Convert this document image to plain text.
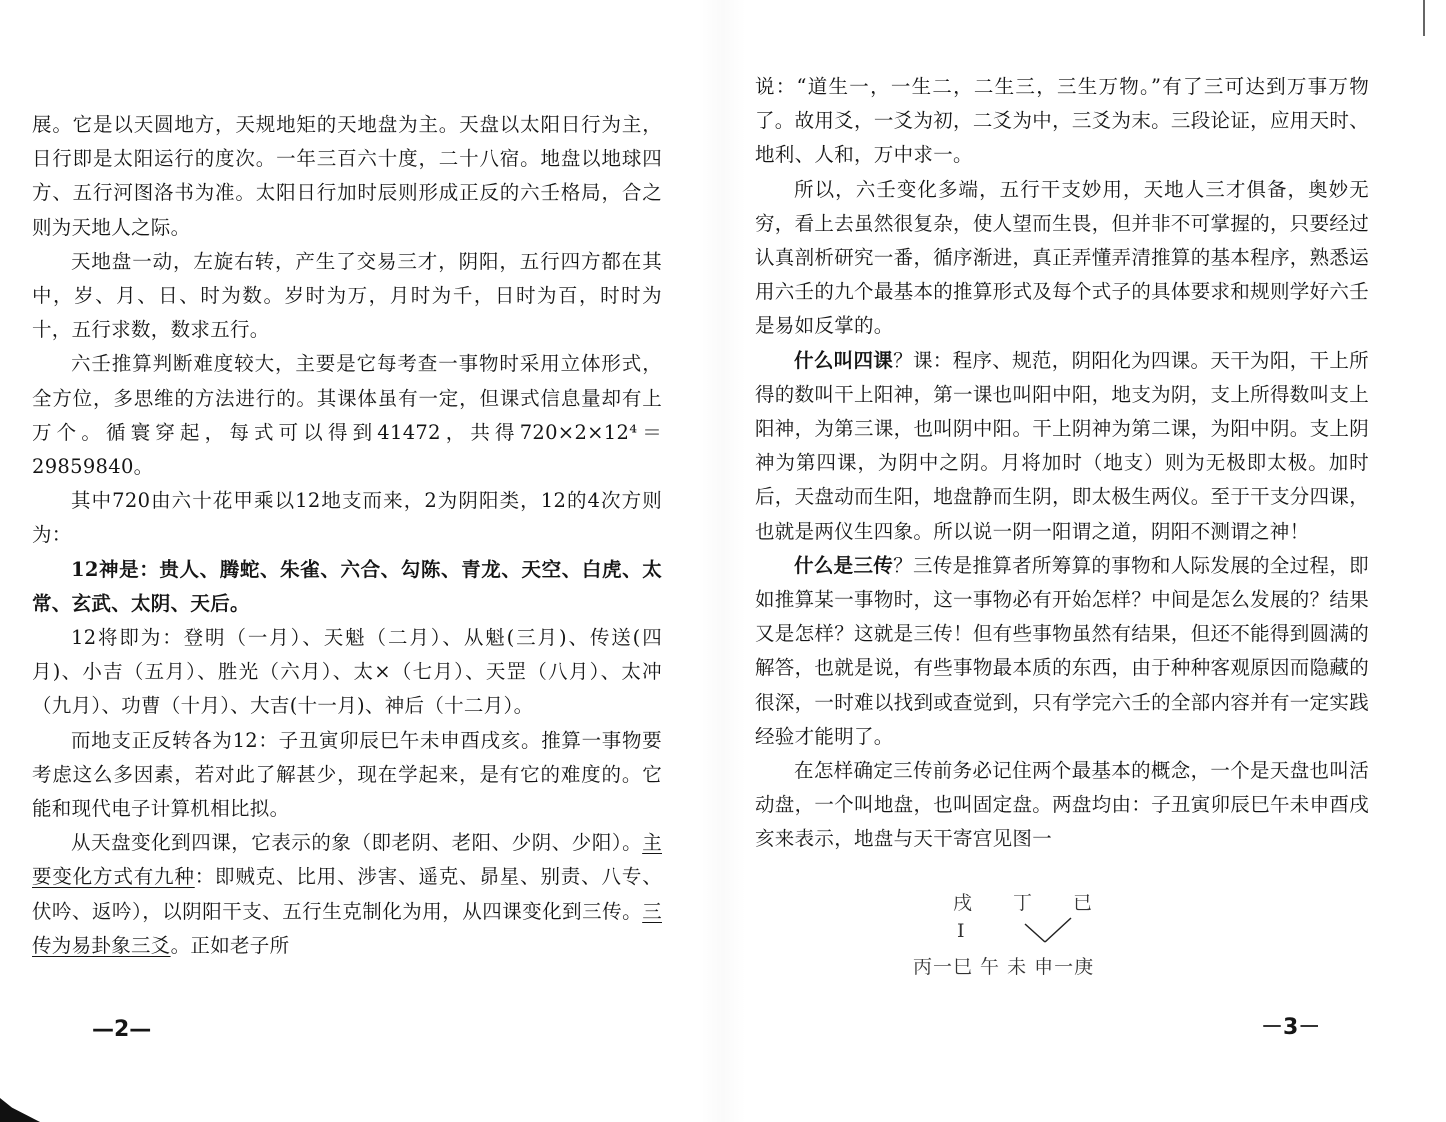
展。它是以天圆地方，天规地矩的天地盘为主。天盘以太阳日行为主，日行即是太阳运行的度次。一年三百六十度，二十八宿。地盘以地球四方、五行河图洛书为准。太阳日行加时辰则形成正反的六壬格局，合之则为天地人之际。

天地盘一动，左旋右转，产生了交易三才，阴阳，五行四方都在其中，岁、月、日、时为数。岁时为万，月时为千，日时为百，时时为十，五行求数，数求五行。

六壬推算判断难度较大，主要是它每考查一事物时采用立体形式，全方位，多思维的方法进行的。其课体虽有一定，但课式信息量却有上万个。循寰穿起，每式可以得到41472，共得720×2×12⁴＝29859840。

其中720由六十花甲乘以12地支而来，2为阴阳类，12的4次方则为：

12神是：贵人、腾蛇、朱雀、六合、勾陈、青龙、天空、白虎、太常、玄武、太阴、天后。

12将即为：登明（一月）、天魁（二月）、从魁(三月)、传送(四月)、小吉（五月）、胜光（六月）、太×（七月）、天罡（八月）、太冲（九月）、功曹（十月）、大吉(十一月)、神后（十二月）。

而地支正反转各为12：子丑寅卯辰巳午未申酉戌亥。推算一事物要考虑这么多因素，若对此了解甚少，现在学起来，是有它的难度的。它能和现代电子计算机相比拟。

从天盘变化到四课，它表示的象（即老阴、老阳、少阴、少阳）。主要变化方式有九种：即贼克、比用、涉害、遥克、昴星、别责、八专、伏吟、返吟），以阴阳干支、五行生克制化为用，从四课变化到三传。三传为易卦象三爻。正如老子所

—2—

说：“道生一，一生二，二生三，三生万物。”有了三可达到万事万物了。故用爻，一爻为初，二爻为中，三爻为末。三段论证，应用天时、地利、人和，万中求一。

所以，六壬变化多端，五行干支妙用，天地人三才俱备，奥妙无穷，看上去虽然很复杂，使人望而生畏，但并非不可掌握的，只要经过认真剖析研究一番，循序渐进，真正弄懂弄清推算的基本程序，熟悉运用六壬的九个最基本的推算形式及每个式子的具体要求和规则学好六壬是易如反掌的。

什么叫四课？课：程序、规范，阴阳化为四课。天干为阳，干上所得的数叫干上阳神，第一课也叫阳中阳，地支为阴，支上所得数叫支上阳神，为第三课，也叫阴中阳。干上阴神为第二课，为阳中阴。支上阴神为第四课，为阴中之阴。月将加时（地支）则为无极即太极。加时后，天盘动而生阳，地盘静而生阴，即太极生两仪。至于干支分四课，也就是两仪生四象。所以说一阴一阳谓之道，阴阳不测谓之神！

什么是三传？三传是推算者所筹算的事物和人际发展的全过程，即如推算某一事物时，这一事物必有开始怎样？中间是怎么发展的？结果又是怎样？这就是三传！但有些事物虽然有结果，但还不能得到圆满的解答，也就是说，有些事物最本质的东西，由于种种客观原因而隐藏的很深，一时难以找到或查觉到，只有学完六壬的全部内容并有一定实践经验才能明了。

在怎样确定三传前务必记住两个最基本的概念，一个是天盘也叫活动盘，一个叫地盘，也叫固定盘。两盘均由：子丑寅卯辰巳午未申酉戌亥来表示，地盘与天干寄宫见图一

戌 丁 已
Ⅰ
丙一巳 午 未 申一庚
－3－
